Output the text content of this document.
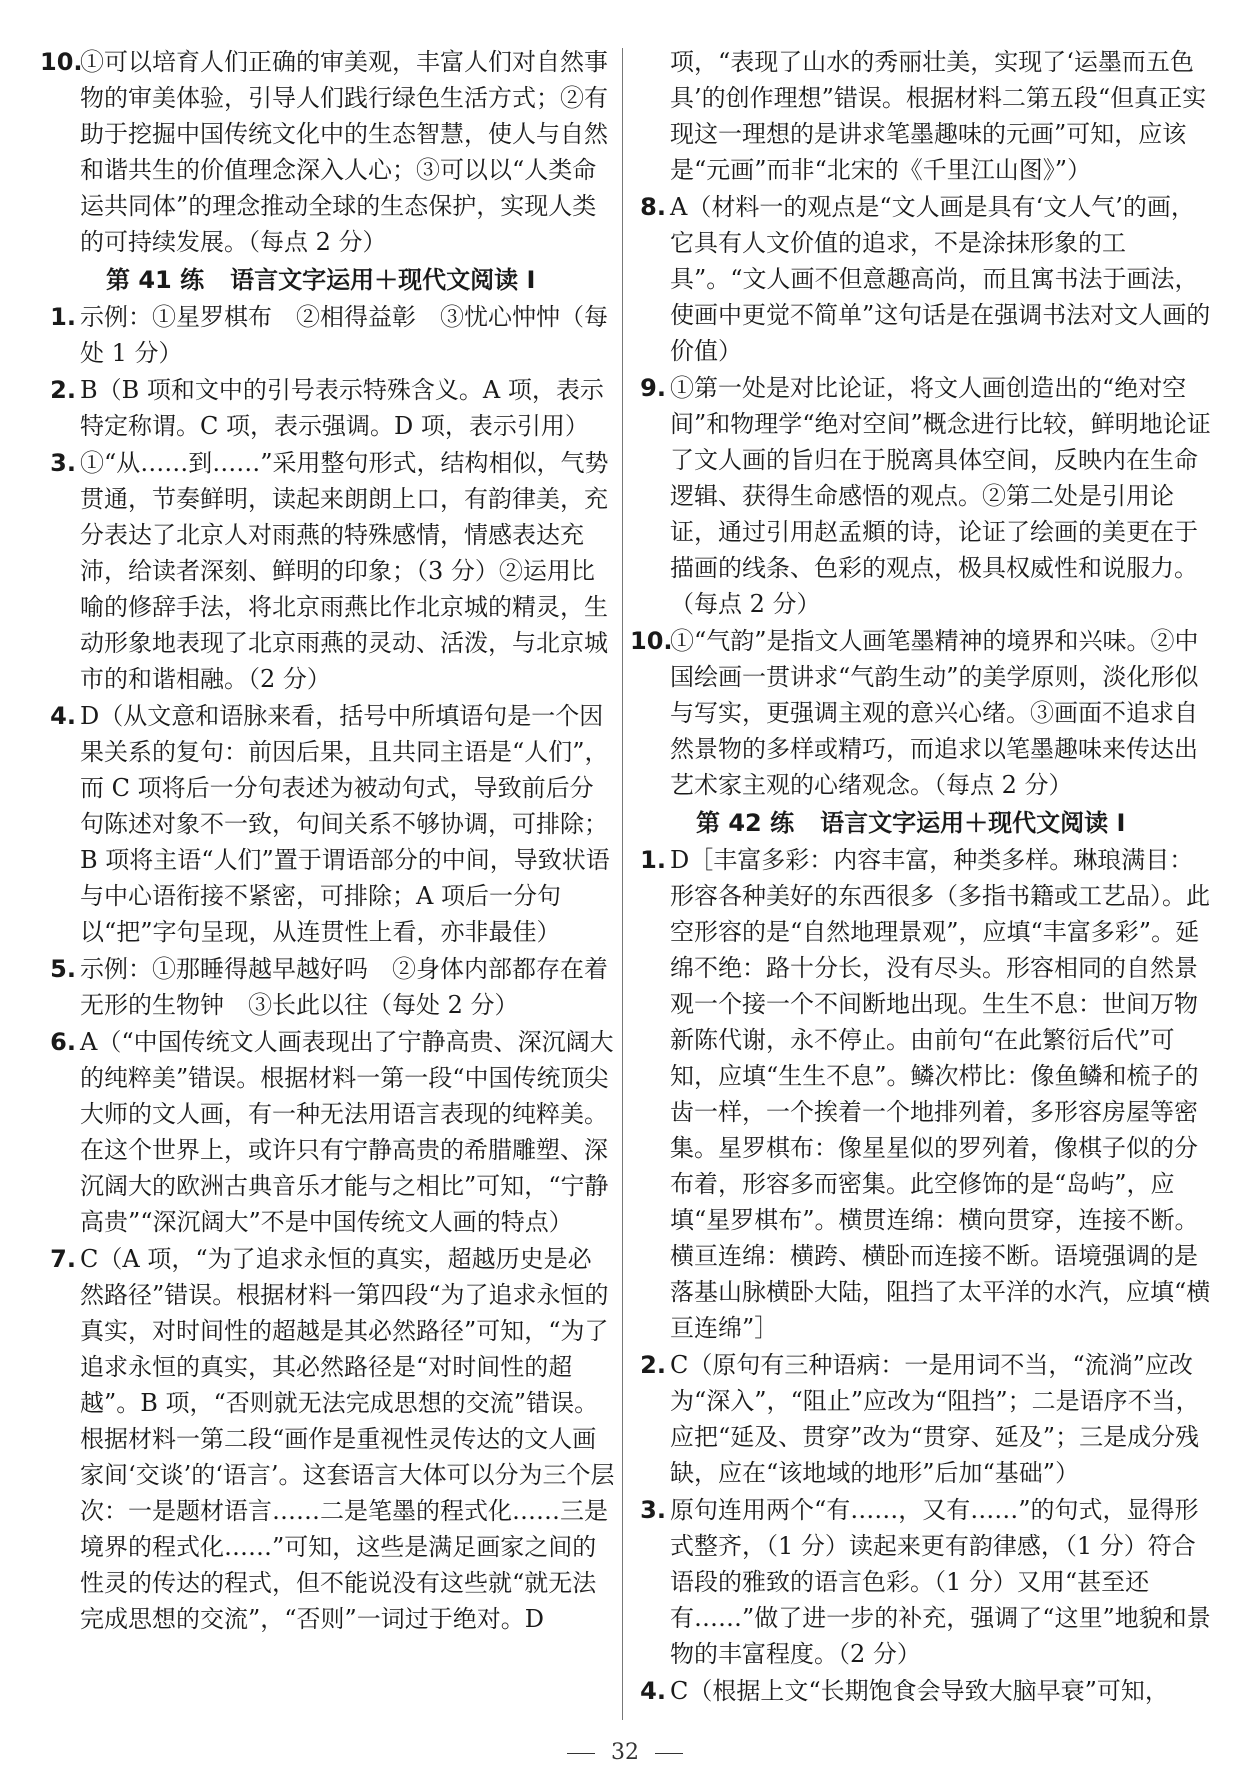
10.
①可以培育人们正确的审美观，丰富人们对自然事物的审美体验，引导人们践行绿色生活方式；②有助于挖掘中国传统文化中的生态智慧，使人与自然和谐共生的价值理念深入人心；③可以以“人类命运共同体”的理念推动全球的生态保护，实现人类的可持续发展。（每点 2 分）
第 41 练 语言文字运用＋现代文阅读 Ⅰ
1. 示例：①星罗棋布　②相得益彰　③忧心忡忡（每处 1 分）
2. B（B 项和文中的引号表示特殊含义。A 项，表示特定称谓。C 项，表示强调。D 项，表示引用）
3. ①“从……到……”采用整句形式，结构相似，气势贯通，节奏鲜明，读起来朗朗上口，有韵律美，充分表达了北京人对雨燕的特殊感情，情感表达充沛，给读者深刻、鲜明的印象；（3 分）②运用比喻的修辞手法，将北京雨燕比作北京城的精灵，生动形象地表现了北京雨燕的灵动、活泼，与北京城市的和谐相融。（2 分）
4. D（从文意和语脉来看，括号中所填语句是一个因果关系的复句：前因后果，且共同主语是“人们”，而 C 项将后一分句表述为被动句式，导致前后分句陈述对象不一致，句间关系不够协调，可排除；B 项将主语“人们”置于谓语部分的中间，导致状语与中心语衔接不紧密，可排除；A 项后一分句以“把”字句呈现，从连贯性上看，亦非最佳）
5. 示例：①那睡得越早越好吗　②身体内部都存在着无形的生物钟　③长此以往（每处 2 分）
6. A（“中国传统文人画表现出了宁静高贵、深沉阔大的纯粹美”错误。根据材料一第一段“中国传统顶尖大师的文人画，有一种无法用语言表现的纯粹美。在这个世界上，或许只有宁静高贵的希腊雕塑、深沉阔大的欧洲古典音乐才能与之相比”可知，“宁静高贵”“深沉阔大”不是中国传统文人画的特点）
7. C（A 项，“为了追求永恒的真实，超越历史是必然路径”错误。根据材料一第四段“为了追求永恒的真实，对时间性的超越是其必然路径”可知，“为了追求永恒的真实，其必然路径是“对时间性的超越”。B 项，“否则就无法完成思想的交流”错误。根据材料一第二段“画作是重视性灵传达的文人画家间‘交谈’的‘语言’。这套语言大体可以分为三个层次：一是题材语言……二是笔墨的程式化……三是境界的程式化……”可知，这些是满足画家之间的性灵的传达的程式，但不能说没有这些就“就无法完成思想的交流”，“否则”一词过于绝对。D
项，“表现了山水的秀丽壮美，实现了‘运墨而五色具’的创作理想”错误。根据材料二第五段“但真正实现这一理想的是讲求笔墨趣味的元画”可知，应该是“元画”而非“北宋的《千里江山图》”）
8. A（材料一的观点是“文人画是具有‘文人气’的画，它具有人文价值的追求，不是涂抹形象的工具”。“文人画不但意趣高尚，而且寓书法于画法，使画中更觉不简单”这句话是在强调书法对文人画的价值）
9. ①第一处是对比论证，将文人画创造出的“绝对空间”和物理学“绝对空间”概念进行比较，鲜明地论证了文人画的旨归在于脱离具体空间，反映内在生命逻辑、获得生命感悟的观点。②第二处是引用论证，通过引用赵孟頫的诗，论证了绘画的美更在于描画的线条、色彩的观点，极具权威性和说服力。（每点 2 分）
10.
①“气韵”是指文人画笔墨精神的境界和兴味。②中国绘画一贯讲求“气韵生动”的美学原则，淡化形似与写实，更强调主观的意兴心绪。③画面不追求自然景物的多样或精巧，而追求以笔墨趣味来传达出艺术家主观的心绪观念。（每点 2 分）
第 42 练 语言文字运用＋现代文阅读 Ⅰ
1. D［丰富多彩：内容丰富，种类多样。琳琅满目：形容各种美好的东西很多（多指书籍或工艺品）。此空形容的是“自然地理景观”，应填“丰富多彩”。延绵不绝：路十分长，没有尽头。形容相同的自然景观一个接一个不间断地出现。生生不息：世间万物新陈代谢，永不停止。由前句“在此繁衍后代”可知，应填“生生不息”。鳞次栉比：像鱼鳞和梳子的齿一样，一个挨着一个地排列着，多形容房屋等密集。星罗棋布：像星星似的罗列着，像棋子似的分布着，形容多而密集。此空修饰的是“岛屿”，应填“星罗棋布”。横贯连绵：横向贯穿，连接不断。横亘连绵：横跨、横卧而连接不断。语境强调的是落基山脉横卧大陆，阻挡了太平洋的水汽，应填“横亘连绵”］
2. C（原句有三种语病：一是用词不当，“流淌”应改为“深入”，“阻止”应改为“阻挡”；二是语序不当，应把“延及、贯穿”改为“贯穿、延及”；三是成分残缺，应在“该地域的地形”后加“基础”）
3. 原句连用两个“有……，又有……”的句式，显得形式整齐，（1 分）读起来更有韵律感，（1 分）符合语段的雅致的语言色彩。（1 分）又用“甚至还有……”做了进一步的补充，强调了“这里”地貌和景物的丰富程度。（2 分）
4. C（根据上文“长期饱食会导致大脑早衰”可知，
32
